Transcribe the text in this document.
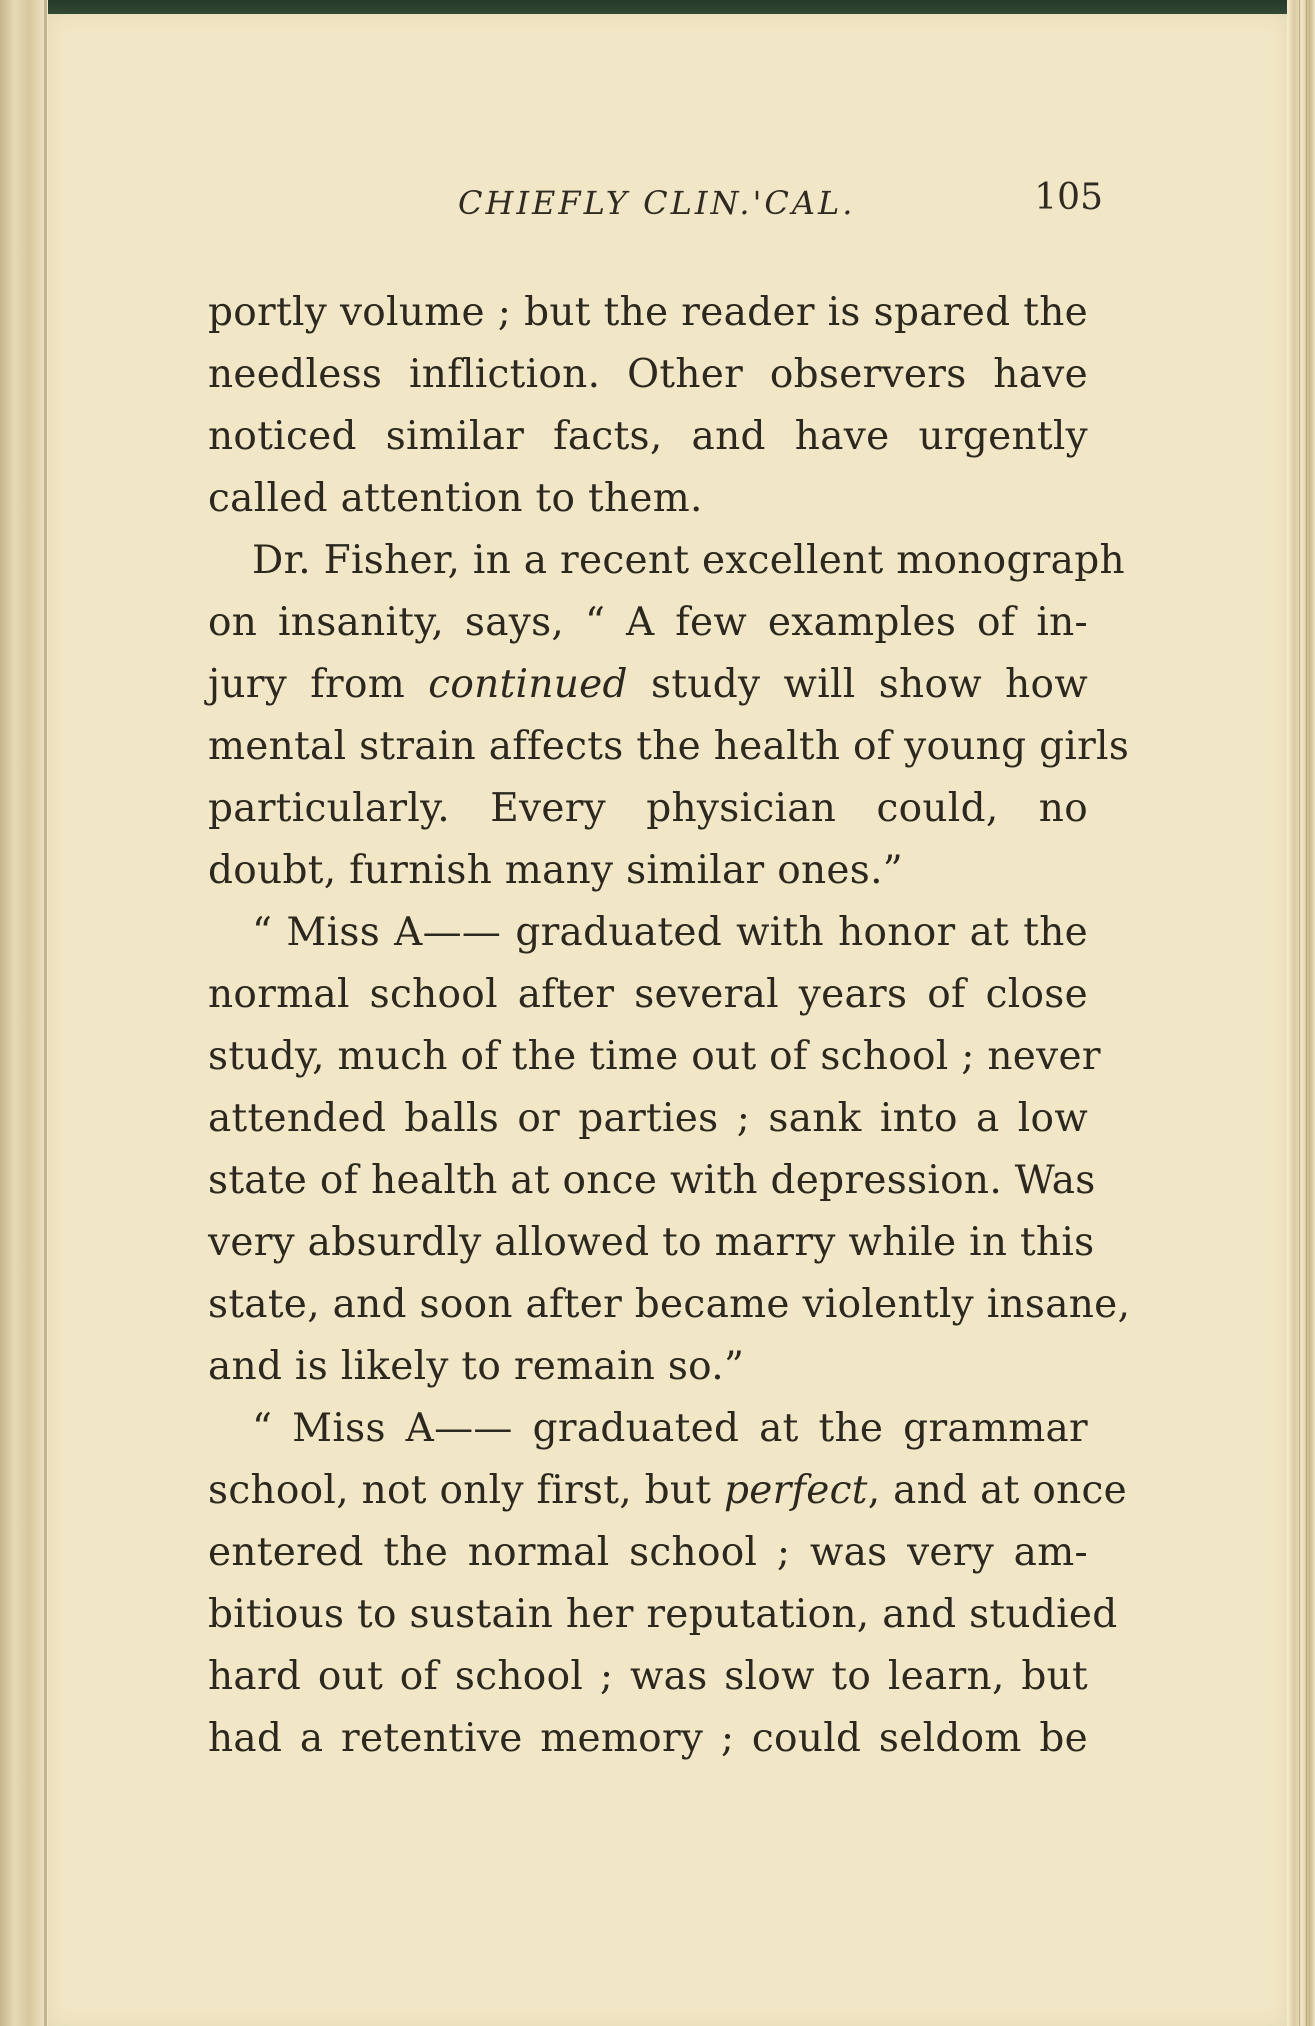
CHIEFLY CLIN.'CAL.	105
portly volume ; but the reader is spared the
needless infliction. Other observers have
noticed similar facts, and have urgently
called attention to them.
Dr. Fisher, in a recent excellent monograph
on insanity, says, “ A few examples of in-
jury from continued study will show how
mental strain affects the health of young girls
particularly. Every physician could, no
doubt, furnish many similar ones.”
“ Miss A—— graduated with honor at the
normal school after several years of close
study, much of the time out of school ; never
attended balls or parties ; sank into a low
state of health at once with depression. Was
very absurdly allowed to marry while in this
state, and soon after became violently insane,
and is likely to remain so.”
“ Miss A—— graduated at the grammar
school, not only first, but perfect, and at once
entered the normal school ; was very am-
bitious to sustain her reputation, and studied
hard out of school ; was slow to learn, but
had a retentive memory ; could seldom be
